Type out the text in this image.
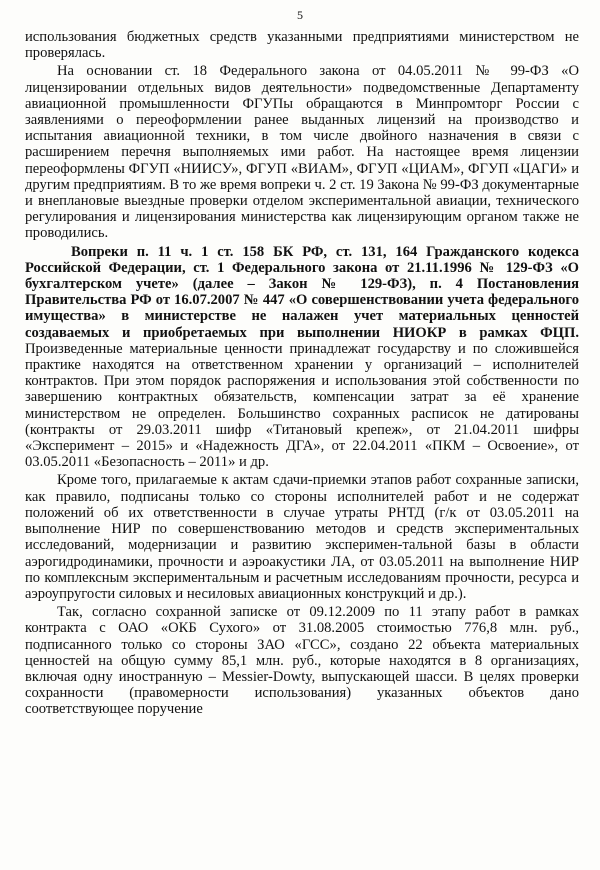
5

использования бюджетных средств указанными предприятиями министерством не проверялась.

На основании ст. 18 Федерального закона от 04.05.2011 № 99-ФЗ «О лицензировании отдельных видов деятельности» подведомственные Департаменту авиационной промышленности ФГУПы обращаются в Минпромторг России с заявлениями о переоформлении ранее выданных лицензий на производство и испытания авиационной техники, в том числе двойного назначения в связи с расширением перечня выполняемых ими работ. На настоящее время лицензии переоформлены ФГУП «НИИСУ», ФГУП «ВИАМ», ФГУП «ЦИАМ», ФГУП «ЦАГИ» и другим предприятиям. В то же время вопреки ч. 2 ст. 19 Закона № 99-ФЗ документарные и внеплановые выездные проверки отделом экспериментальной авиации, технического регулирования и лицензирования министерства как лицензирующим органом также не проводились.

Вопреки п. 11 ч. 1 ст. 158 БК РФ, ст. 131, 164 Гражданского кодекса Российской Федерации, ст. 1 Федерального закона от 21.11.1996 № 129-ФЗ «О бухгалтерском учете» (далее – Закон № 129-ФЗ), п. 4 Постановления Правительства РФ от 16.07.2007 № 447 «О совершенствовании учета федерального имущества» в министерстве не налажен учет материальных ценностей создаваемых и приобретаемых при выполнении НИОКР в рамках ФЦП. Произведенные материальные ценности принадлежат государству и по сложившейся практике находятся на ответственном хранении у организаций – исполнителей контрактов. При этом порядок распоряжения и использования этой собственности по завершению контрактных обязательств, компенсации затрат за её хранение министерством не определен. Большинство сохранных расписок не датированы (контракты от 29.03.2011 шифр «Титановый крепеж», от 21.04.2011 шифры «Эксперимент – 2015» и «Надежность ДГА», от 22.04.2011 «ПКМ – Освоение», от 03.05.2011 «Безопасность – 2011» и др.

Кроме того, прилагаемые к актам сдачи-приемки этапов работ сохранные записки, как правило, подписаны только со стороны исполнителей работ и не содержат положений об их ответственности в случае утраты РНТД (г/к от 03.05.2011 на выполнение НИР по совершенствованию методов и средств экспериментальных исследований, модернизации и развитию эксперимен-тальной базы в области аэрогидродинамики, прочности и аэроакустики ЛА, от 03.05.2011 на выполнение НИР по комплексным экспериментальным и расчетным исследованиям прочности, ресурса и аэроупругости силовых и несиловых авиационных конструкций и др.).

Так, согласно сохранной записке от 09.12.2009 по 11 этапу работ в рамках контракта с ОАО «ОКБ Сухого» от 31.08.2005 стоимостью 776,8 млн. руб., подписанного только со стороны ЗАО «ГСС», создано 22 объекта материальных ценностей на общую сумму 85,1 млн. руб., которые находятся в 8 организациях, включая одну иностранную – Messier-Dowty, выпускающей шасси. В целях проверки сохранности (правомерности использования) указанных объектов дано соответствующее поручение
